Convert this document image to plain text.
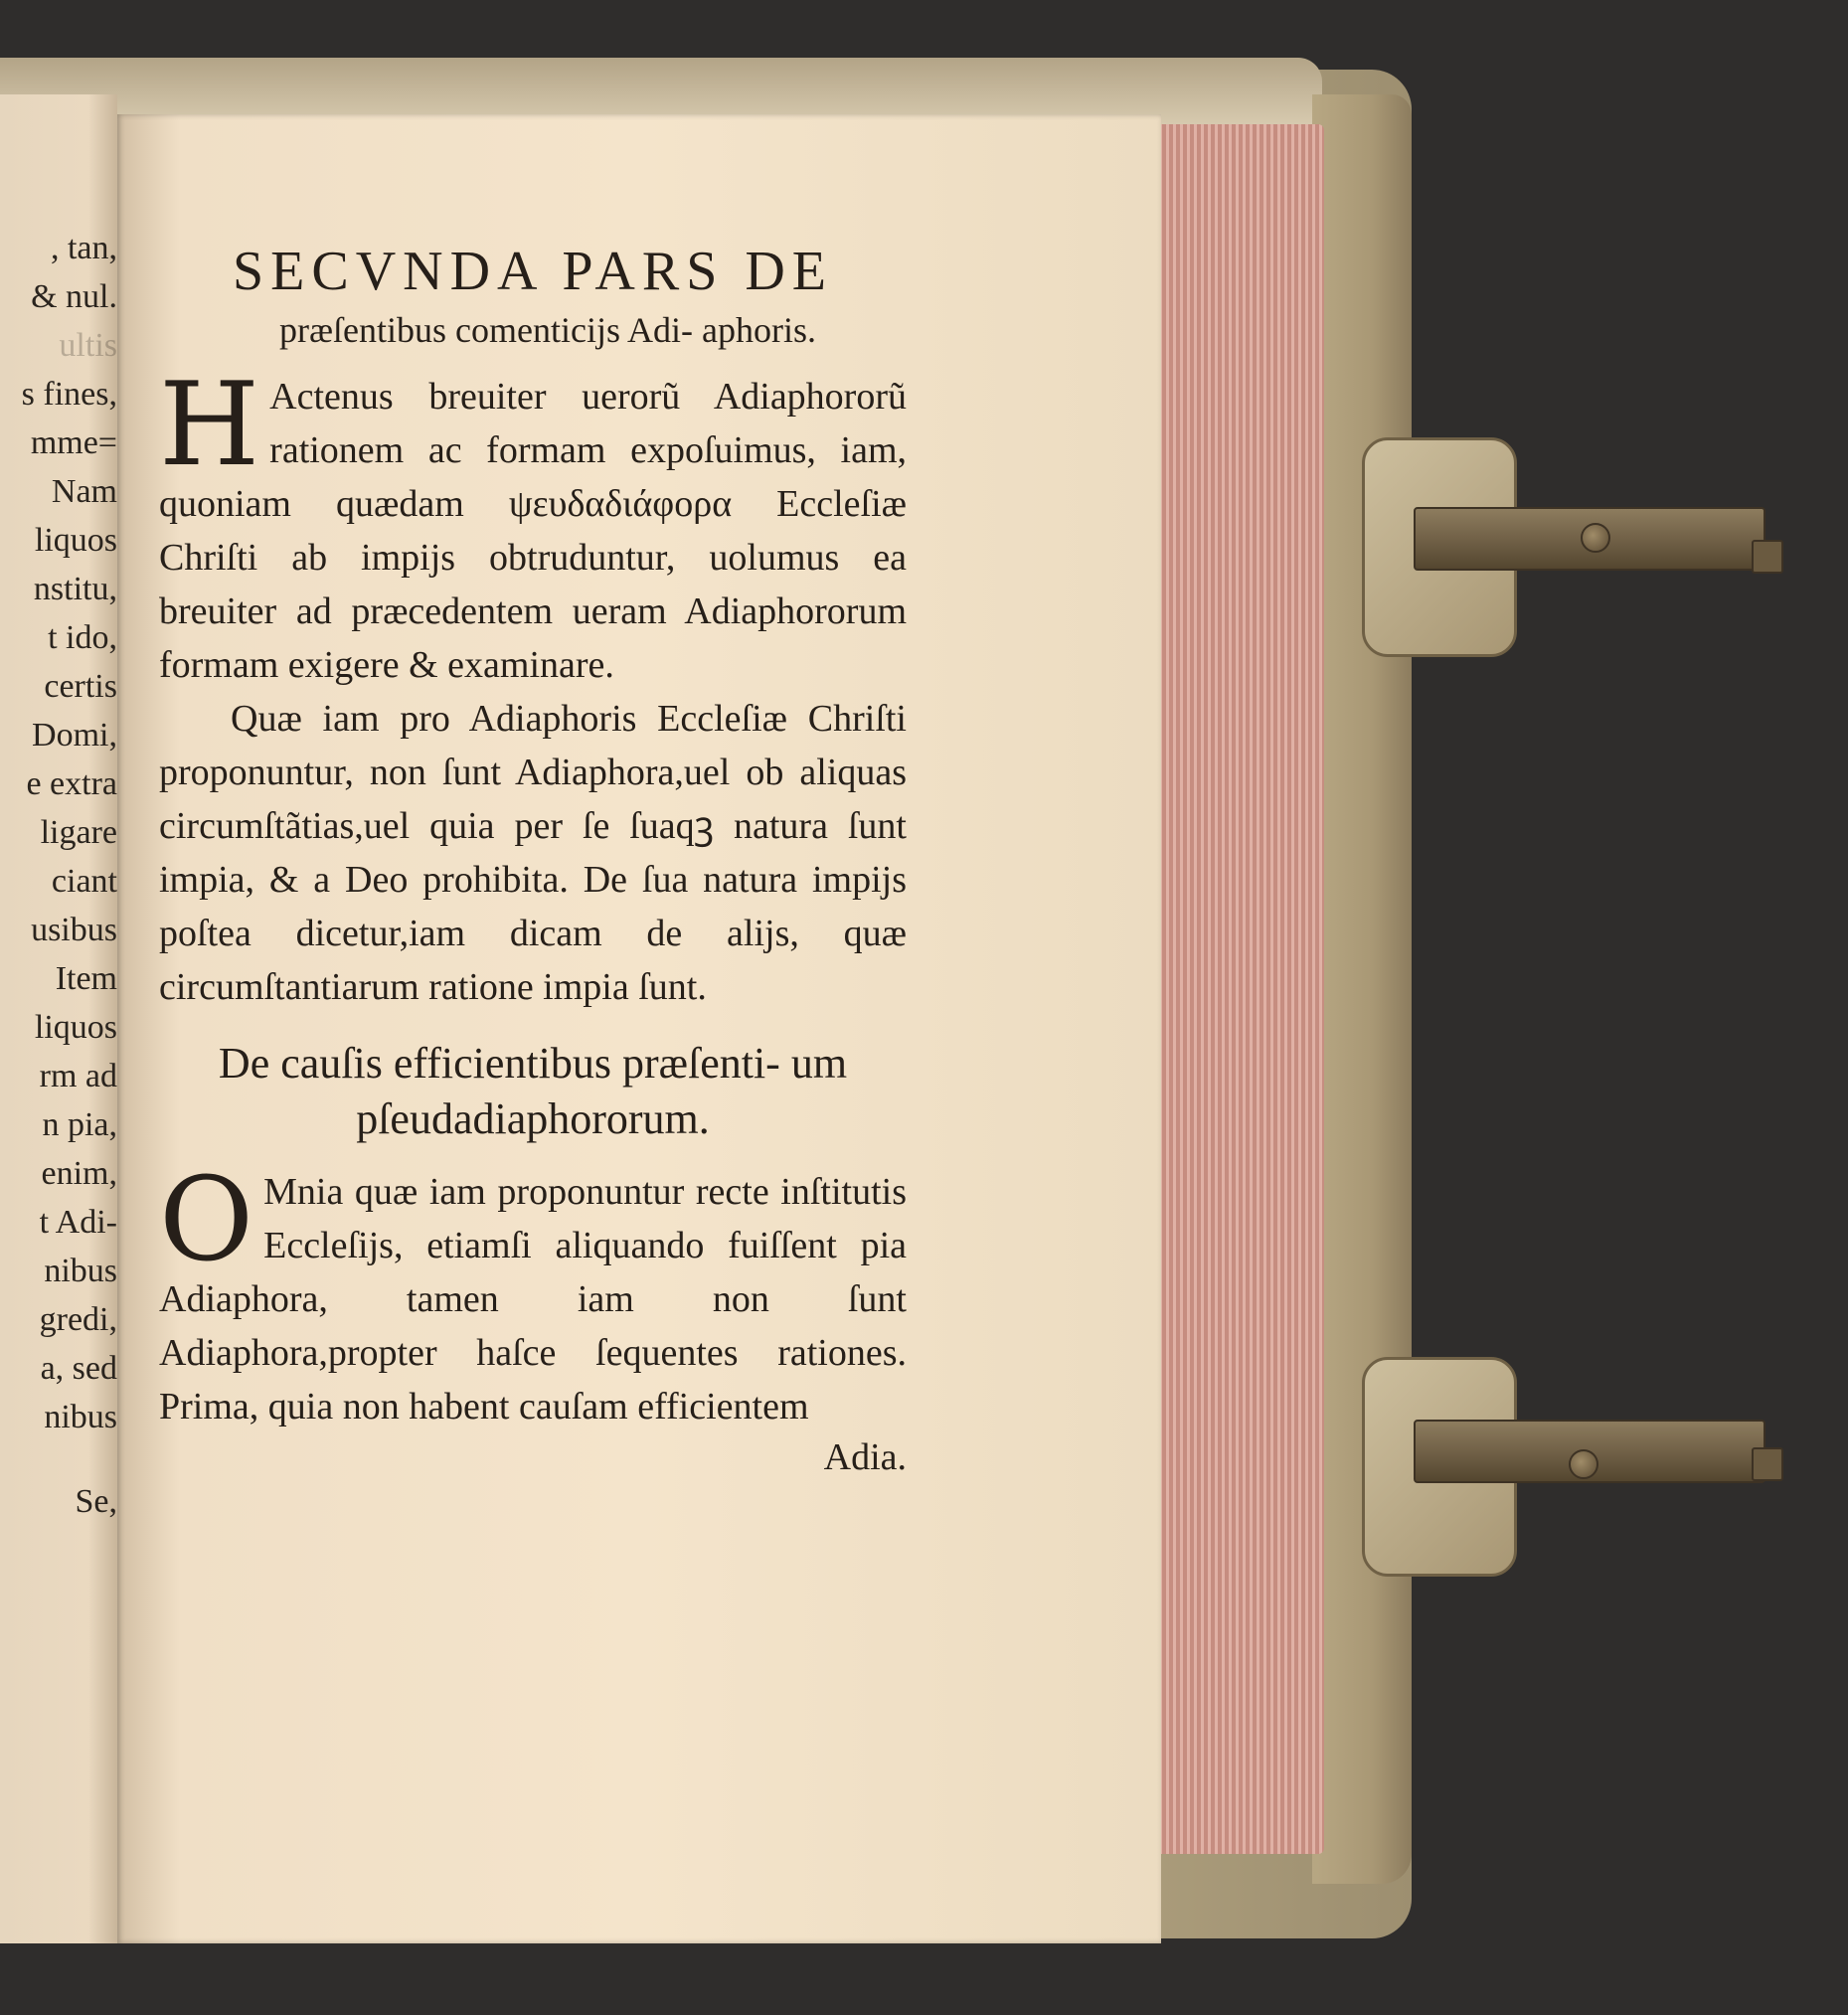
, tan,
& nul.
ultis
s fines,
mme=
Nam
liquos
nstitu,
t ido,
certis
Domi,
e extra
ligare
ciant
usibus
Item
liquos
rm ad
n pia,
enim,
t Adi-
nibus
gredi,
a, sed
nibus
Se,
SECVNDA PARS DE
præſentibus comenticijs Adi- aphoris.
H Actenus breuiter uerorũ Adiaphororũ rationem ac formam expoſuimus, iam, quoniam quædam ψευδαδιάφορα Eccleſiæ Chriſti ab impijs obtruduntur, uolumus ea breuiter ad præcedentem ueram Adiaphororum formam exigere & examinare.
Quæ iam pro Adiaphoris Eccleſiæ Chriſti proponuntur, non ſunt Adiaphora,uel ob aliquas circumſtãtias,uel quia per ſe ſuaqꝫ natura ſunt impia, & a Deo prohibita. De ſua natura impijs poſtea dicetur,iam dicam de alijs, quæ circumſtantiarum ratione impia ſunt.
De cauſis efficientibus præſenti- um pſeudadiaphororum.
O Mnia quæ iam proponuntur recte inſtitutis Eccleſijs, etiamſi aliquando fuiſſent pia Adiaphora, tamen iam non ſunt Adiaphora,propter haſce ſequentes rationes. Prima, quia non habent cauſam efficientem
Adia.
